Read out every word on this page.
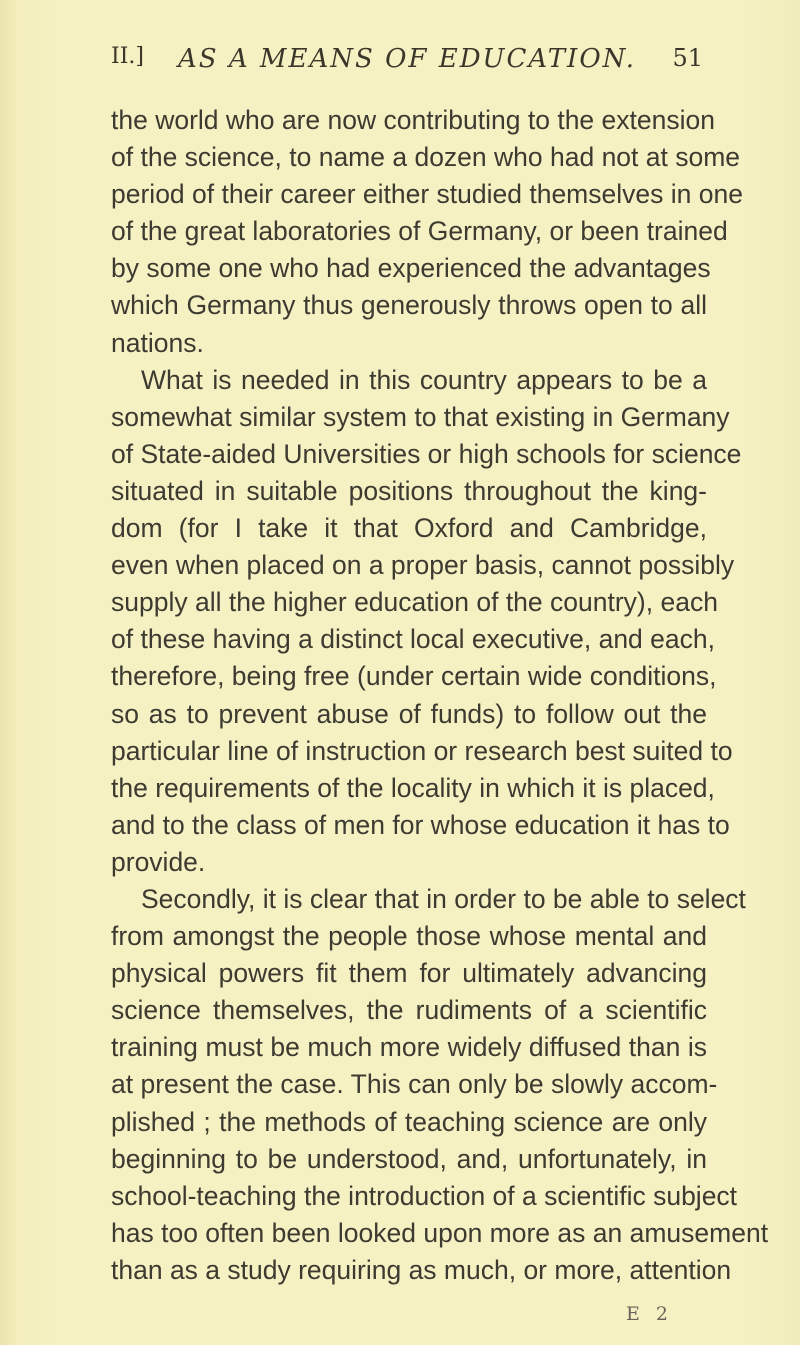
II.]	AS A MEANS OF EDUCATION.	51
the world who are now contributing to the extension
of the science, to name a dozen who had not at some
period of their career either studied themselves in one
of the great laboratories of Germany, or been trained
by some one who had experienced the advantages
which Germany thus generously throws open to all
nations.
What is needed in this country appears to be a
somewhat similar system to that existing in Germany
of State-aided Universities or high schools for science
situated in suitable positions throughout the king-
dom (for I take it that Oxford and Cambridge,
even when placed on a proper basis, cannot possibly
supply all the higher education of the country), each
of these having a distinct local executive, and each,
therefore, being free (under certain wide conditions,
so as to prevent abuse of funds) to follow out the
particular line of instruction or research best suited to
the requirements of the locality in which it is placed,
and to the class of men for whose education it has to
provide.
Secondly, it is clear that in order to be able to select
from amongst the people those whose mental and
physical powers fit them for ultimately advancing
science themselves, the rudiments of a scientific
training must be much more widely diffused than is
at present the case. This can only be slowly accom-
plished ; the methods of teaching science are only
beginning to be understood, and, unfortunately, in
school-teaching the introduction of a scientific subject
has too often been looked upon more as an amusement
than as a study requiring as much, or more, attention
E 2
